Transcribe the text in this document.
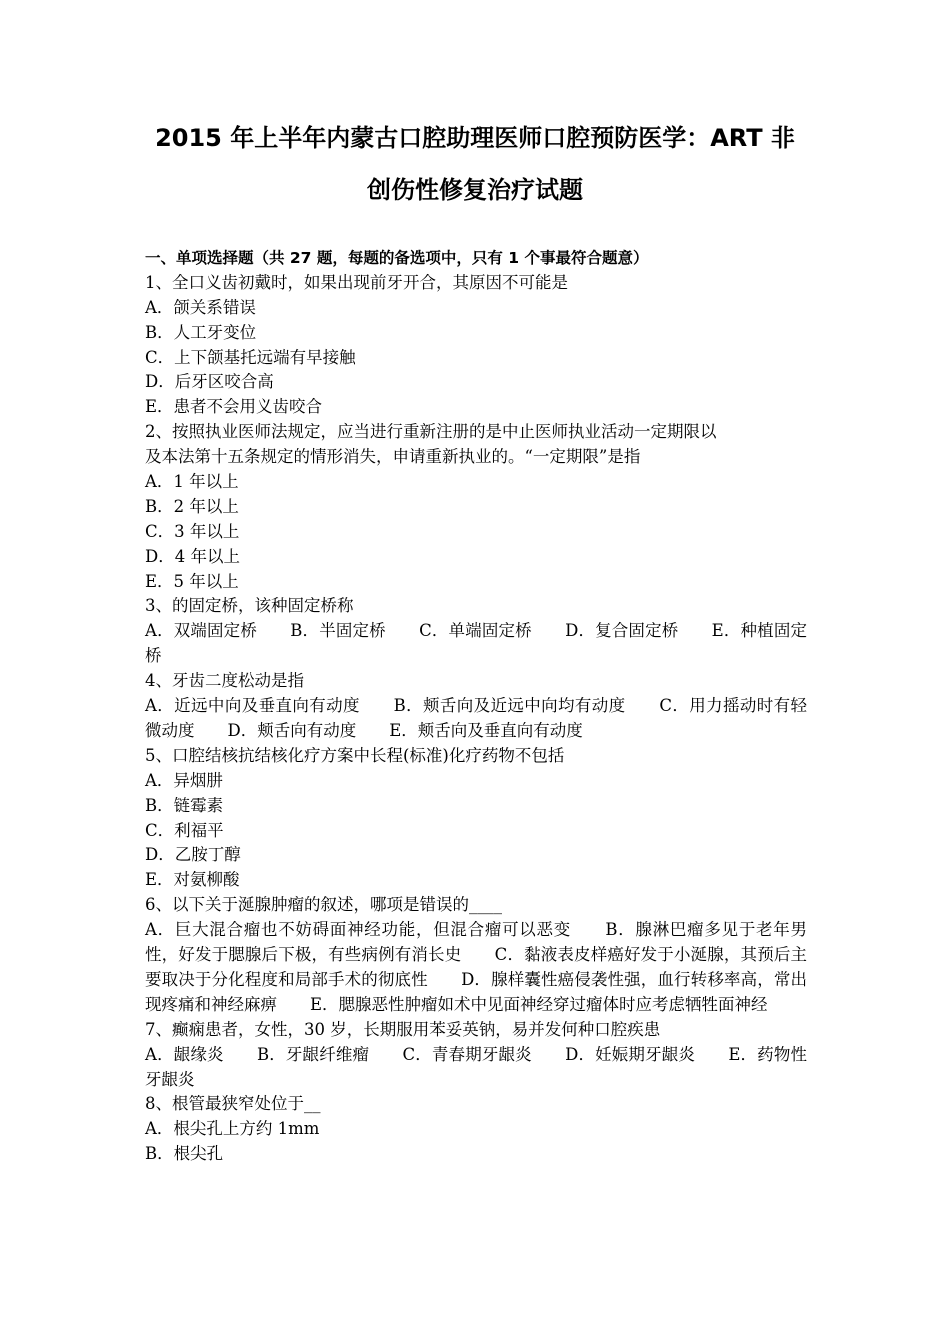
2015 年上半年内蒙古口腔助理医师口腔预防医学：ART 非
创伤性修复治疗试题
一、单项选择题（共 27 题，每题的备选项中，只有 1 个事最符合题意）
1、全口义齿初戴时，如果出现前牙开合，其原因不可能是
A．颌关系错误
B．人工牙变位
C．上下颌基托远端有早接触
D．后牙区咬合高
E．患者不会用义齿咬合
2、按照执业医师法规定，应当进行重新注册的是中止医师执业活动一定期限以
及本法第十五条规定的情形消失，申请重新执业的。“一定期限”是指
A．1 年以上
B．2 年以上
C．3 年以上
D．4 年以上
E．5 年以上
3、的固定桥，该种固定桥称
A．双端固定桥　　B．半固定桥　　C．单端固定桥　　D．复合固定桥　　E．种植固定桥
4、牙齿二度松动是指
A．近远中向及垂直向有动度　　B．颊舌向及近远中向均有动度　　C．用力摇动时有轻微动度　　D．颊舌向有动度　　E．颊舌向及垂直向有动度
5、口腔结核抗结核化疗方案中长程(标准)化疗药物不包括
A．异烟肼
B．链霉素
C．利福平
D．乙胺丁醇
E．对氨柳酸
6、以下关于涎腺肿瘤的叙述，哪项是错误的____
A．巨大混合瘤也不妨碍面神经功能，但混合瘤可以恶变　　B．腺淋巴瘤多见于老年男性，好发于腮腺后下极，有些病例有消长史　　C．黏液表皮样癌好发于小涎腺，其预后主要取决于分化程度和局部手术的彻底性　　D．腺样囊性癌侵袭性强，血行转移率高，常出现疼痛和神经麻痹　　E．腮腺恶性肿瘤如术中见面神经穿过瘤体时应考虑牺牲面神经
7、癫痫患者，女性，30 岁，长期服用苯妥英钠，易并发何种口腔疾患
A．龈缘炎　　B．牙龈纤维瘤　　C．青春期牙龈炎　　D．妊娠期牙龈炎　　E．药物性牙龈炎
8、根管最狭窄处位于__
A．根尖孔上方约 1mm
B．根尖孔
